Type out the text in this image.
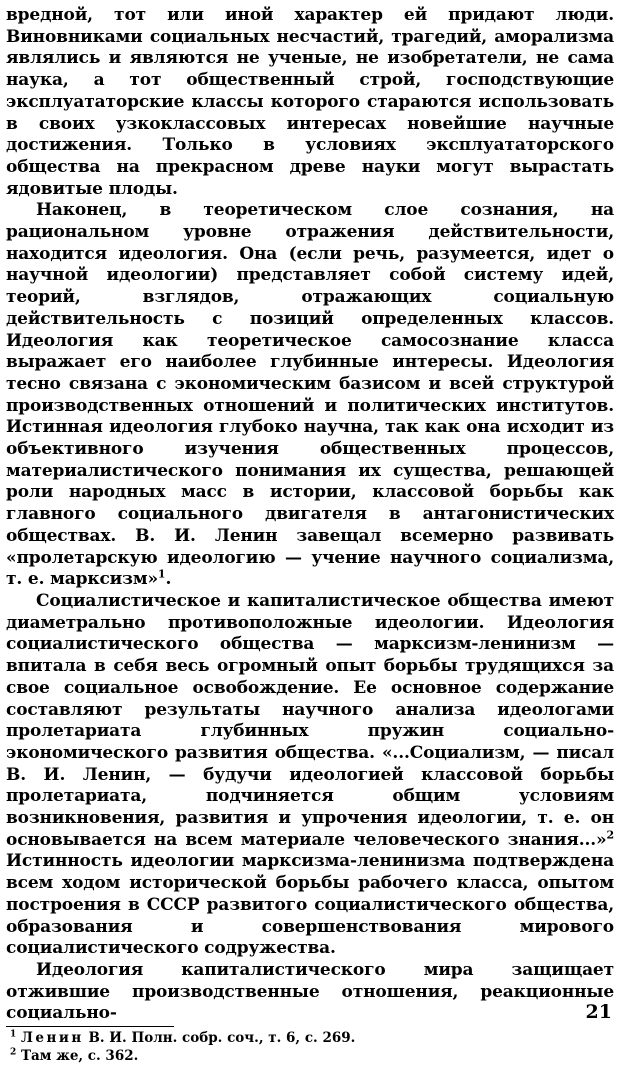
вредной, тот или иной характер ей придают люди. Виновниками социальных несчастий, трагедий, аморализма являлись и являются не ученые, не изобретатели, не сама наука, а тот общественный строй, господствующие эксплуататорские классы которого стараются использовать в своих узкоклассовых интересах новейшие научные достижения. Только в условиях эксплуататорского общества на прекрасном древе науки могут вырастать ядовитые плоды.

Наконец, в теоретическом слое сознания, на рациональном уровне отражения действительности, находится идеология. Она (если речь, разумеется, идет о научной идеологии) представляет собой систему идей, теорий, взглядов, отражающих социальную действительность с позиций определенных классов. Идеология как теоретическое самосознание класса выражает его наиболее глубинные интересы. Идеология тесно связана с экономическим базисом и всей структурой производственных отношений и политических институтов. Истинная идеология глубоко научна, так как она исходит из объективного изучения общественных процессов, материалистического понимания их существа, решающей роли народных масс в истории, классовой борьбы как главного социального двигателя в антагонистических обществах. В. И. Ленин завещал всемерно развивать «пролетарскую идеологию — учение научного социализма, т. е. марксизм»$^1$.

Социалистическое и капиталистическое общества имеют диаметрально противоположные идеологии. Идеология социалистического общества — марксизм-ленинизм — впитала в себя весь огромный опыт борьбы трудящихся за свое социальное освобождение. Ее основное содержание составляют результаты научного анализа идеологами пролетариата глубинных пружин социально-экономического развития общества. «...Социализм, — писал В. И. Ленин, — будучи идеологией классовой борьбы пролетариата, подчиняется общим условиям возникновения, развития и упрочения идеологии, т. е. он основывается на всем материале человеческого знания...»$^2$ Истинность идеологии марксизма-ленинизма подтверждена всем ходом исторической борьбы рабочего класса, опытом построения в СССР развитого социалистического общества, образования и совершенствования мирового социалистического содружества.

Идеология капиталистического мира защищает отжившие производственные отношения, реакционные социально-

$^1$ Ленин В. И. Полн. собр. соч., т. 6, с. 269.

$^2$ Там же, с. 362.

21
